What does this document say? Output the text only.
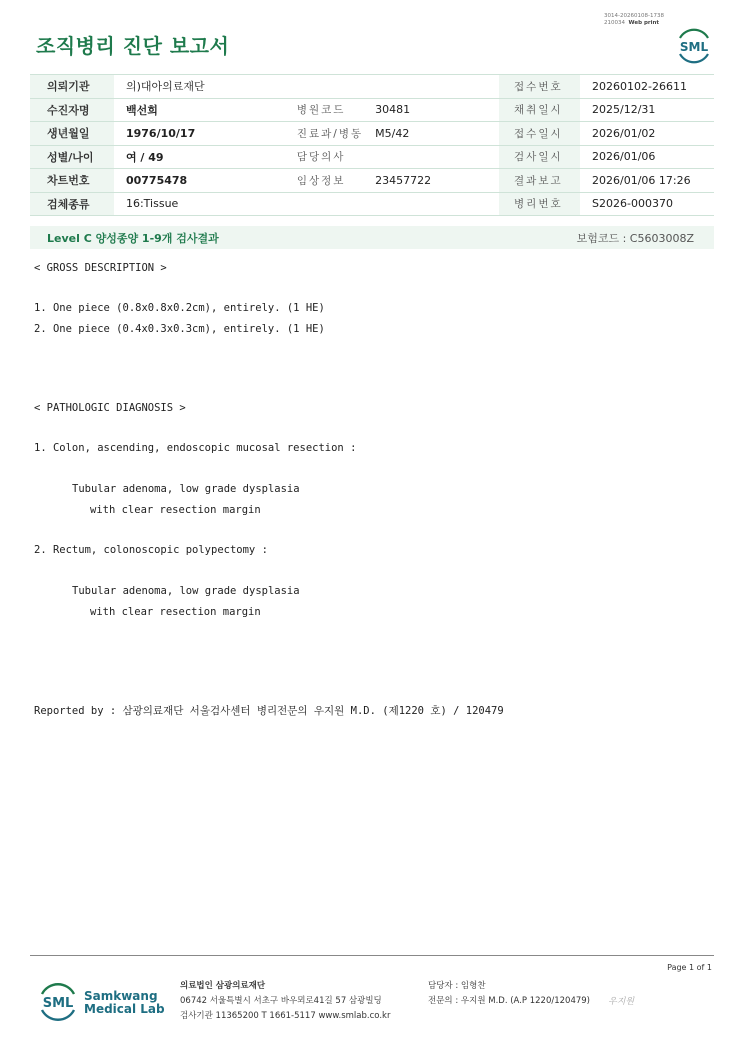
3014-20260108-1738
210034 Web print
조직병리 진단 보고서	SML
의뢰기관	의)대아의료재단			접수번호	20260102-26611
수진자명	백선희	병원코드	30481	채취일시	2025/12/31
생년월일	1976/10/17	진료과/병동	M5/42	접수일시	2026/01/02
성별/나이	여 / 49	담당의사		검사일시	2026/01/06
차트번호	00775478	임상정보	23457722	결과보고	2026/01/06 17:26
검체종류	16:Tissue			병리번호	S2026-000370
Level C 양성종양 1-9개 검사결과	보험코드 : C5603008Z
< GROSS DESCRIPTION >
1. One piece (0.8x0.8x0.2cm), entirely. (1 HE)
2. One piece (0.4x0.3x0.3cm), entirely. (1 HE)
< PATHOLOGIC DIAGNOSIS >
1. Colon, ascending, endoscopic mucosal resection :
Tubular adenoma, low grade dysplasia
with clear resection margin
2. Rectum, colonoscopic polypectomy :
Tubular adenoma, low grade dysplasia
with clear resection margin
Reported by : 삼광의료재단 서울검사센터 병리전문의 우지원 M.D. (제1220 호) / 120479
Page 1 of 1
SML Samkwang
Medical Lab
의료법인 삼광의료재단
06742 서울특별시 서초구 바우뫼로41길 57 삼광빌딩
검사기관 11365200 T 1661-5117 www.smlab.co.kr
담당자 : 임형찬
전문의 : 우지원 M.D. (A.P 1220/120479) 우지원
